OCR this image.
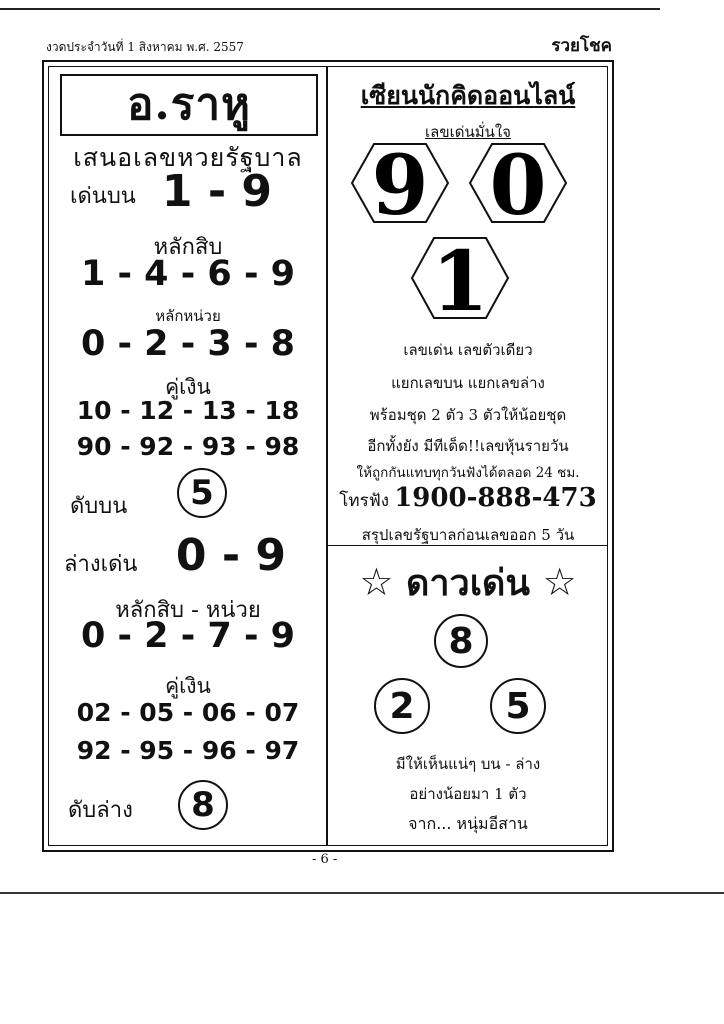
งวดประจำวันที่ 1 สิงหาคม พ.ศ. 2557	รวยโชค
อ.ราหู
เสนอเลขหวยรัฐบาล
เด่นบน 1 - 9
หลักสิบ
1 - 4 - 6 - 9
หลักหน่วย
0 - 2 - 3 - 8
คู่เงิน
10 - 12 - 13 - 18
90 - 92 - 93 - 98
ดับบน 5
ล่างเด่น 0 - 9
หลักสิบ - หน่วย
0 - 2 - 7 - 9
คู่เงิน
02 - 05 - 06 - 07
92 - 95 - 96 - 97
ดับล่าง 8
เซียนนักคิดออนไลน์
เลขเด่นมั่นใจ
9 0
1
เลขเด่น เลขตัวเดียว
แยกเลขบน แยกเลขล่าง
พร้อมชุด 2 ตัว 3 ตัวให้น้อยชุด
อีกทั้งยัง มีทีเด็ด!!เลขหุ้นรายวัน
ให้ถูกกันแทบทุกวันฟังได้ตลอด 24 ชม.
โทรฟัง 1900-888-473
สรุปเลขรัฐบาลก่อนเลขออก 5 วัน
☆ ดาวเด่น ☆
8
2	5
มีให้เห็นแน่ๆ บน - ล่าง
อย่างน้อยมา 1 ตัว
จาก... หนุ่มอีสาน
- 6 -
